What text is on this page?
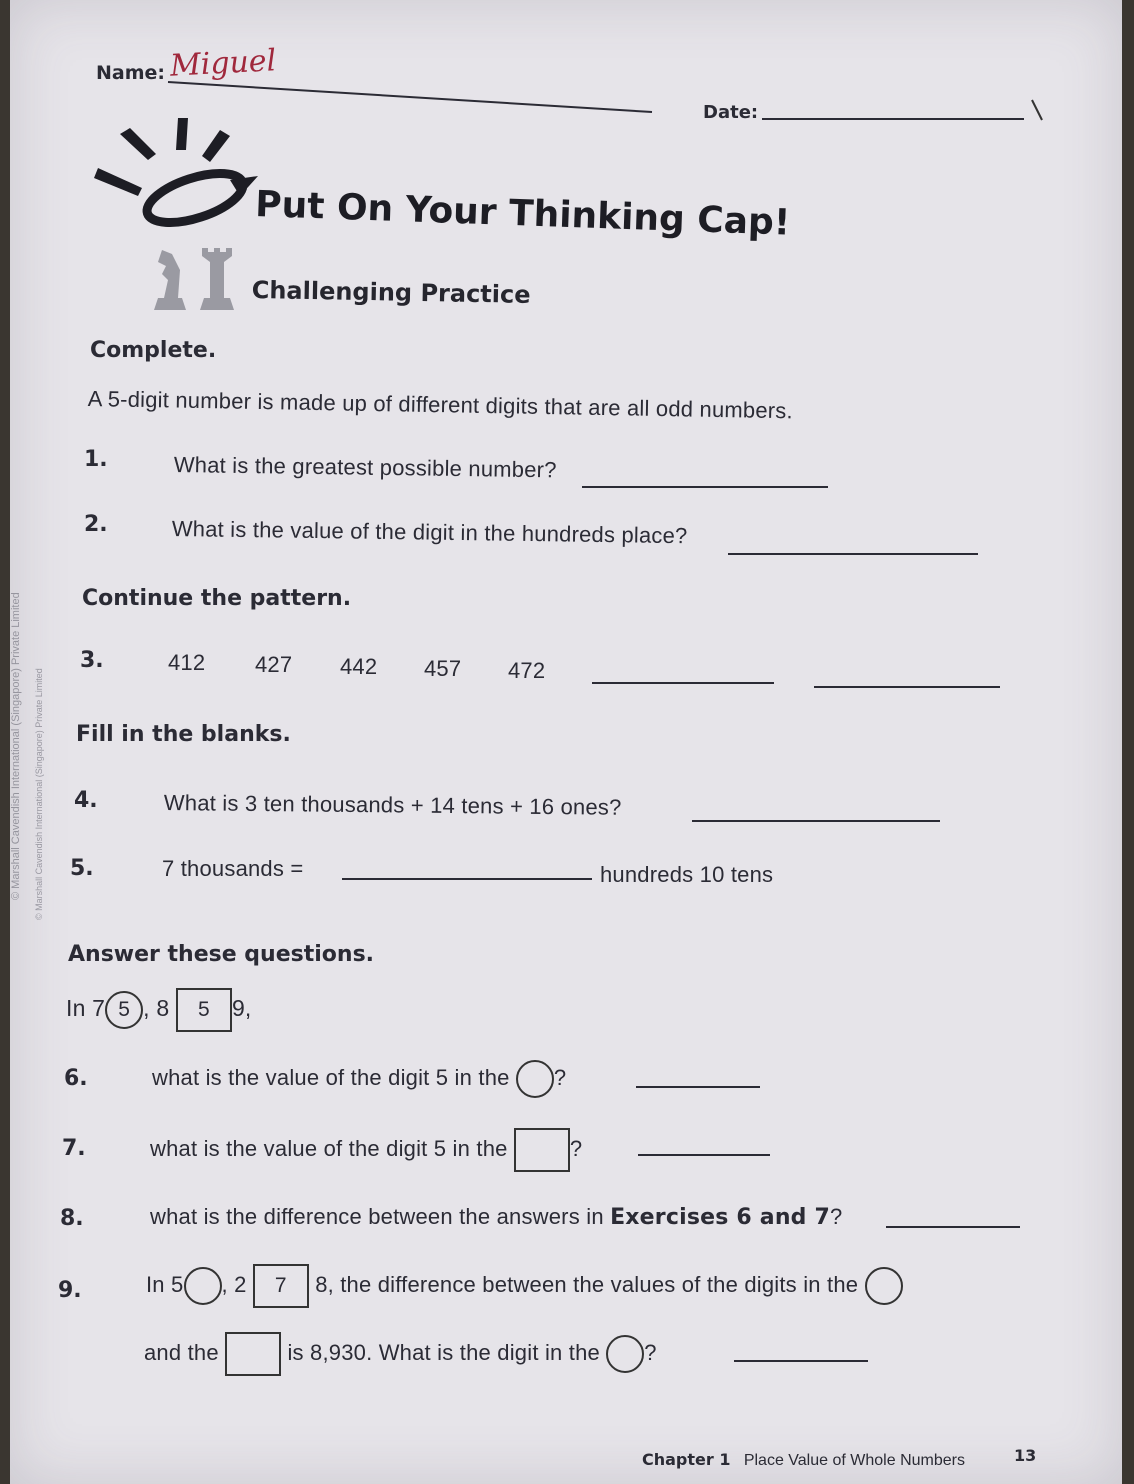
© Marshall Cavendish International (Singapore) Private Limited © Marshall Cavendish International (Singapore) Private Limited
Name: Miguel
Date:
Put On Your Thinking Cap!
Challenging Practice
Complete.
A 5-digit number is made up of different digits that are all odd numbers.
1.	What is the greatest possible number?
2.	What is the value of the digit in the hundreds place?
Continue the pattern.
3.	412 427 442 457 472
Fill in the blanks.
4.	What is 3 ten thousands + 14 tens + 16 ones?
5.	7 thousands =	hundreds 10 tens
Answer these questions.
In 7 5 , 8 5 9,
6.	what is the value of the digit 5 in the ?
7.	what is the value of the digit 5 in the	?
8.	what is the difference between the answers in Exercises 6 and 7?
9.	In 5 , 2 7 8, the difference between the values of the digits in the
and the	is 8,930. What is the digit in the ?
Chapter 1 Place Value of Whole Numbers	13
